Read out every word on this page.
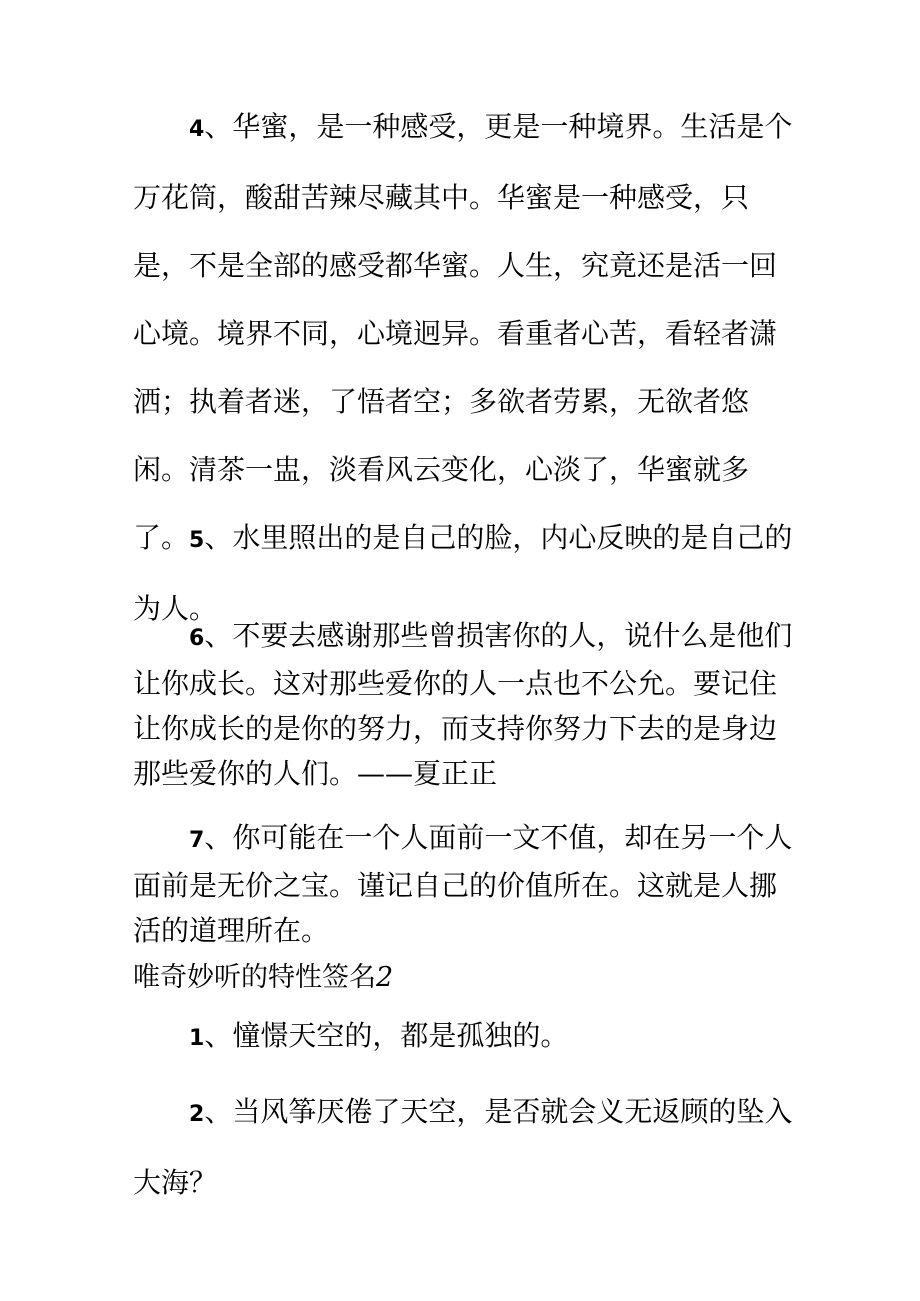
4、华蜜，是一种感受，更是一种境界。生活是个万花筒，酸甜苦辣尽藏其中。华蜜是一种感受，只是，不是全部的感受都华蜜。人生，究竟还是活一回心境。境界不同，心境迥异。看重者心苦，看轻者潇洒；执着者迷，了悟者空；多欲者劳累，无欲者悠闲。清茶一盅，淡看风云变化，心淡了，华蜜就多了。 5、水里照出的是自己的脸，内心反映的是自己的为人。

6、不要去感谢那些曾损害你的人，说什么是他们让你成长。这对那些爱你的人一点也不公允。要记住让你成长的是你的努力，而支持你努力下去的是身边那些爱你的人们。——夏正正

7、你可能在一个人面前一文不值，却在另一个人面前是无价之宝。谨记自己的价值所在。这就是人挪活的道理所在。

唯奇妙听的特性签名2

1、憧憬天空的，都是孤独的。

2、当风筝厌倦了天空，是否就会义无返顾的坠入大海？
